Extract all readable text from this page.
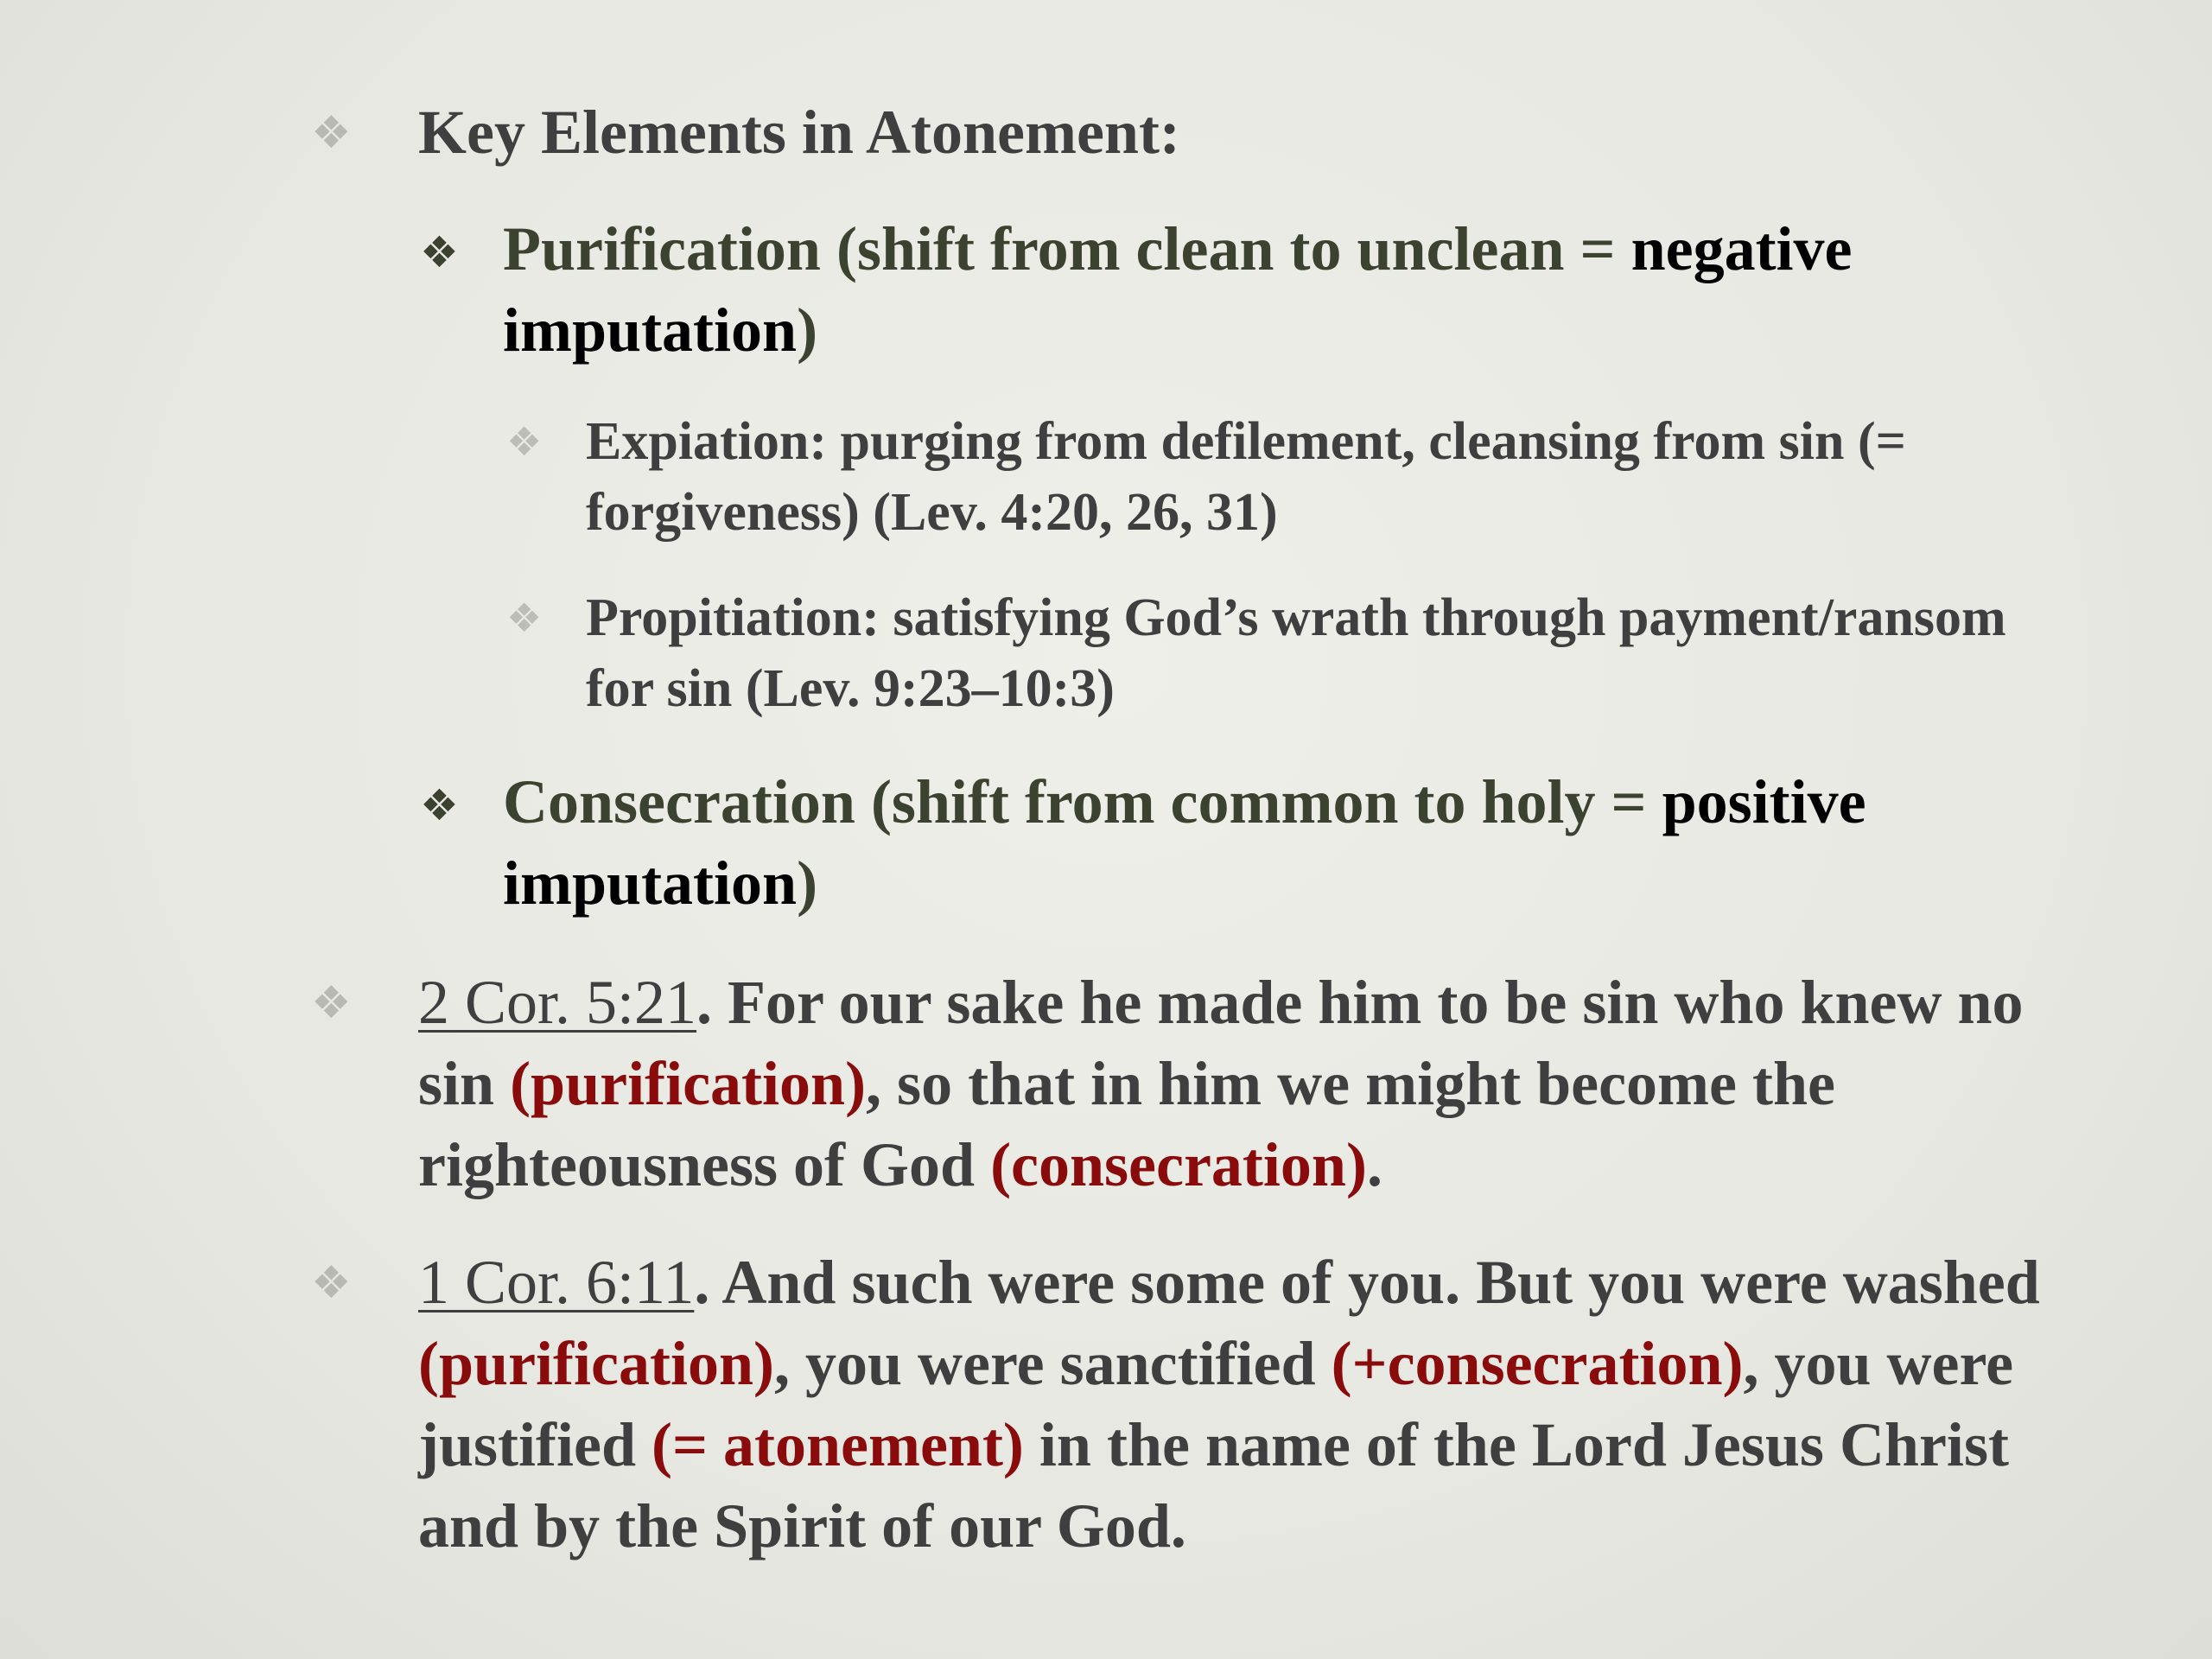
❖ Key Elements in Atonement:
❖ Purification (shift from clean to unclean = negative imputation)
❖ Expiation: purging from defilement, cleansing from sin (= forgiveness) (Lev. 4:20, 26, 31)
❖ Propitiation: satisfying God’s wrath through payment/ransom for sin (Lev. 9:23–10:3)
❖ Consecration (shift from common to holy = positive imputation)
❖ 2 Cor. 5:21. For our sake he made him to be sin who knew no sin (purification), so that in him we might become the righteousness of God (consecration).
❖ 1 Cor. 6:11. And such were some of you. But you were washed (purification), you were sanctified (+consecration), you were justified (= atonement) in the name of the Lord Jesus Christ and by the Spirit of our God.
